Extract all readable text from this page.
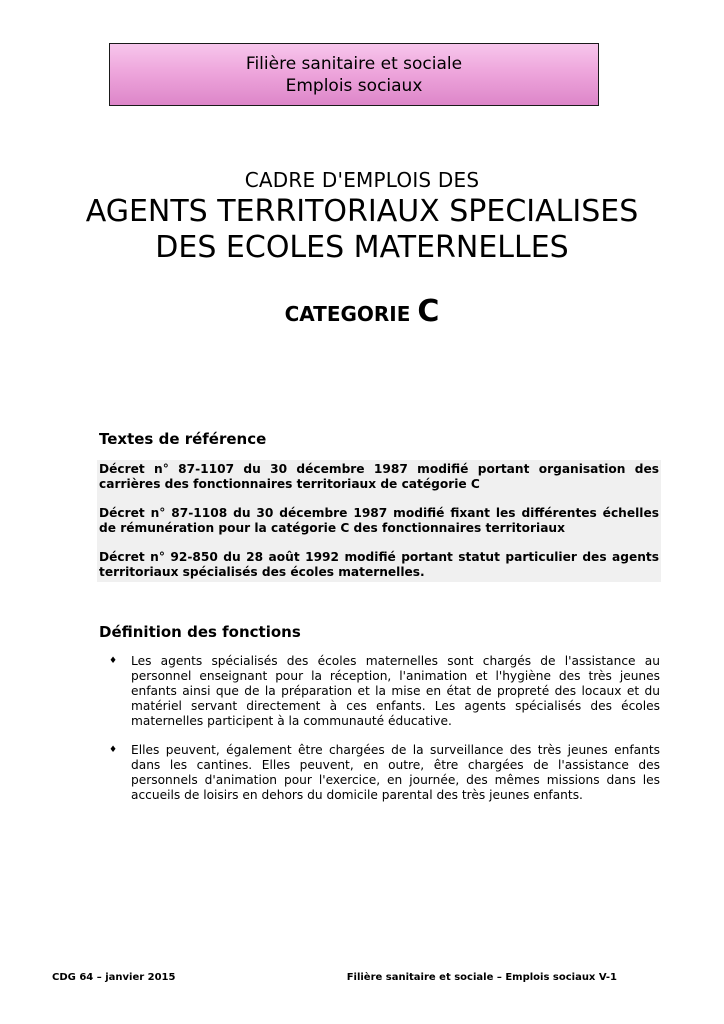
Filière sanitaire et sociale
Emplois sociaux
CADRE D'EMPLOIS DES
AGENTS TERRITORIAUX SPECIALISES
DES ECOLES MATERNELLES
CATEGORIE C
Textes de référence

Décret n° 87-1107 du 30 décembre 1987 modifié portant organisation des carrières des fonctionnaires territoriaux de catégorie C

Décret n° 87-1108 du 30 décembre 1987 modifié fixant les différentes échelles de rémunération pour la catégorie C des fonctionnaires territoriaux

Décret n° 92-850 du 28 août 1992 modifié portant statut particulier des agents territoriaux spécialisés des écoles maternelles.

Définition des fonctions
♦ Les agents spécialisés des écoles maternelles sont chargés de l'assistance au personnel enseignant pour la réception, l'animation et l'hygiène des très jeunes enfants ainsi que de la préparation et la mise en état de propreté des locaux et du matériel servant directement à ces enfants. Les agents spécialisés des écoles maternelles participent à la communauté éducative.
♦ Elles peuvent, également être chargées de la surveillance des très jeunes enfants dans les cantines. Elles peuvent, en outre, être chargées de l'assistance des personnels d'animation pour l'exercice, en journée, des mêmes missions dans les accueils de loisirs en dehors du domicile parental des très jeunes enfants.
CDG 64 – janvier 2015	Filière sanitaire et sociale – Emplois sociaux V-1
